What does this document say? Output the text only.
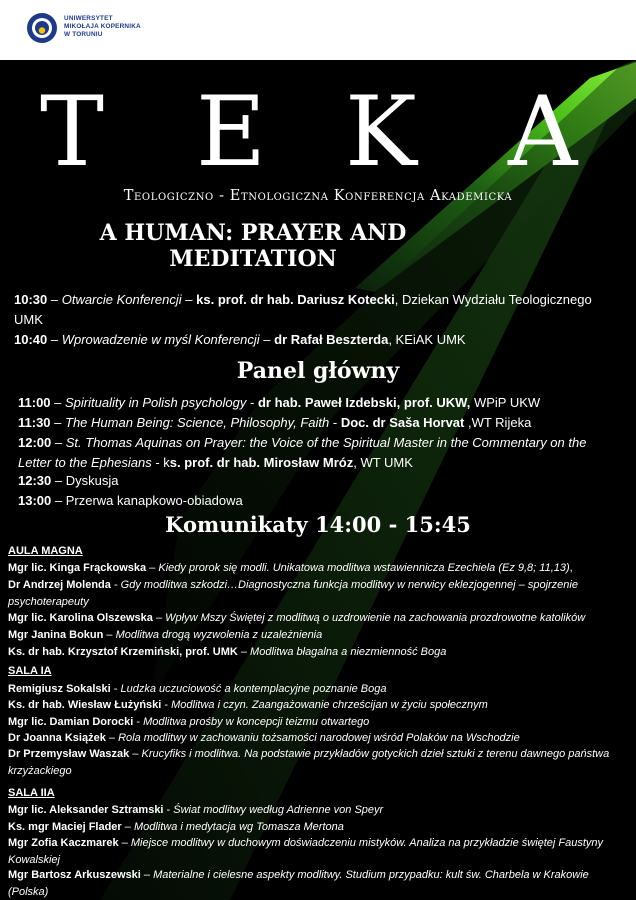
UNIWERSYTET
MIKOŁAJA KOPERNIKA
W TORUNIU
T E K A
Teologiczno - Etnologiczna Konferencja Akademicka
A HUMAN: PRAYER AND
MEDITATION
10:30 – Otwarcie Konferencji – ks. prof. dr hab. Dariusz Kotecki, Dziekan Wydziału Teologicznego UMK
10:40 – Wprowadzenie w myśl Konferencji – dr Rafał Beszterda, KEiAK UMK
Panel główny
11:00 – Spirituality in Polish psychology - dr hab. Paweł Izdebski, prof. UKW, WPiP UKW
11:30 – The Human Being: Science, Philosophy, Faith - Doc. dr Saša Horvat ,WT Rijeka
12:00 – St. Thomas Aquinas on Prayer: the Voice of the Spiritual Master in the Commentary on the Letter to the Ephesians - ks. prof. dr hab. Mirosław Mróz, WT UMK
12:30 – Dyskusja
13:00 – Przerwa kanapkowo-obiadowa
Komunikaty 14:00 - 15:45
AULA MAGNA
Mgr lic. Kinga Frąckowska – Kiedy prorok się modli. Unikatowa modlitwa wstawiennicza Ezechiela (Ez 9,8; 11,13),
Dr Andrzej Molenda - Gdy modlitwa szkodzi…Diagnostyczna funkcja modlitwy w nerwicy eklezjogennej – spojrzenie psychoterapeuty
Mgr lic. Karolina Olszewska – Wpływ Mszy Świętej z modlitwą o uzdrowienie na zachowania prozdrowotne katolików
Mgr Janina Bokun – Modlitwa drogą wyzwolenia z uzależnienia
Ks. dr hab. Krzysztof Krzemiński, prof. UMK – Modlitwa błagalna a niezmienność Boga
SALA IA
Remigiusz Sokalski - Ludzka uczuciowość a kontemplacyjne poznanie Boga
Ks. dr hab. Wiesław Łużyński - Modlitwa i czyn. Zaangażowanie chrześcijan w życiu społecznym
Mgr lic. Damian Dorocki - Modlitwa prośby w koncepcji teizmu otwartego
Dr Joanna Książek – Rola modlitwy w zachowaniu tożsamości narodowej wśród Polaków na Wschodzie
Dr Przemysław Waszak – Krucyfiks i modlitwa. Na podstawie przykładów gotyckich dzieł sztuki z terenu dawnego państwa krzyżackiego
SALA IIA
Mgr lic. Aleksander Sztramski - Świat modlitwy według Adrienne von Speyr
Ks. mgr Maciej Flader – Modlitwa i medytacja wg Tomasza Mertona
Mgr Zofia Kaczmarek – Miejsce modlitwy w duchowym doświadczeniu mistyków. Analiza na przykładzie świętej Faustyny Kowalskiej
Mgr Bartosz Arkuszewski – Materialne i cielesne aspekty modlitwy. Studium przypadku: kult św. Charbela w Krakowie (Polska)
